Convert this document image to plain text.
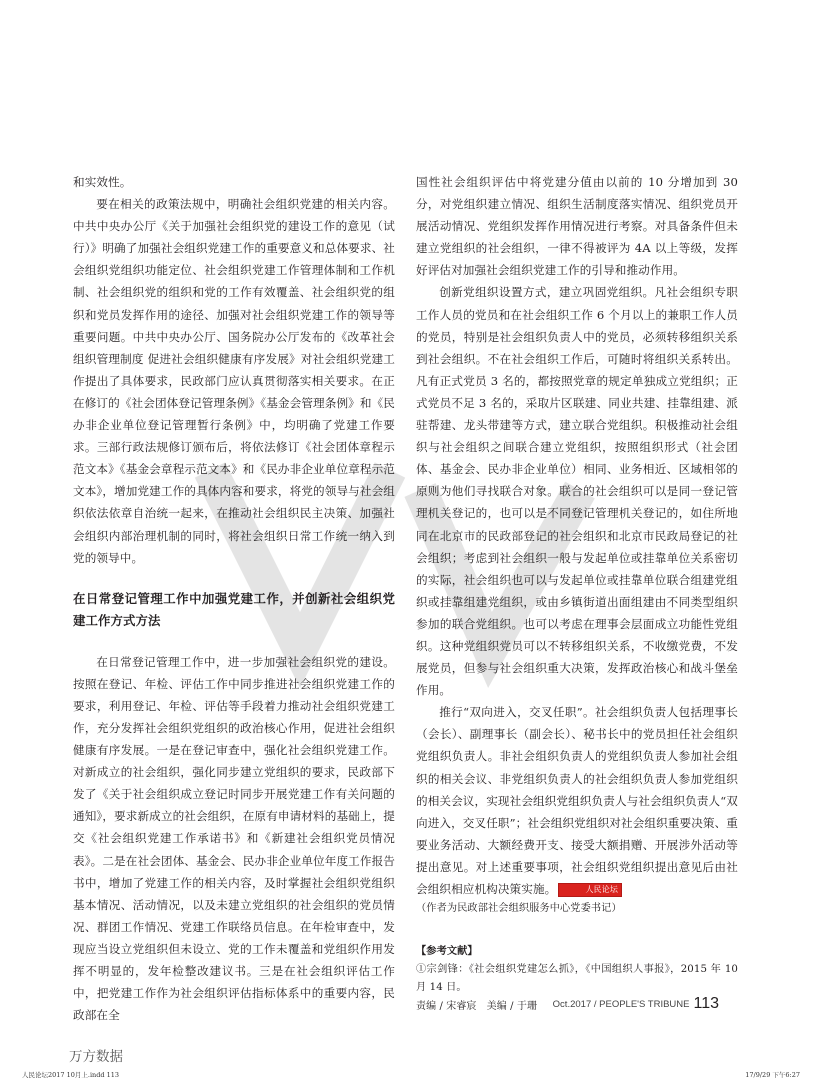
和实效性。

要在相关的政策法规中，明确社会组织党建的相关内容。中共中央办公厅《关于加强社会组织党的建设工作的意见（试行）》明确了加强社会组织党建工作的重要意义和总体要求、社会组织党组织功能定位、社会组织党建工作管理体制和工作机制、社会组织党的组织和党的工作有效覆盖、社会组织党的组织和党员发挥作用的途径、加强对社会组织党建工作的领导等重要问题。中共中央办公厅、国务院办公厅发布的《改革社会组织管理制度 促进社会组织健康有序发展》对社会组织党建工作提出了具体要求，民政部门应认真贯彻落实相关要求。在正在修订的《社会团体登记管理条例》《基金会管理条例》和《民办非企业单位登记管理暂行条例》中，均明确了党建工作要求。三部行政法规修订颁布后，将依法修订《社会团体章程示范文本》《基金会章程示范文本》和《民办非企业单位章程示范文本》，增加党建工作的具体内容和要求，将党的领导与社会组织依法依章自治统一起来，在推动社会组织民主决策、加强社会组织内部治理机制的同时，将社会组织日常工作统一纳入到党的领导中。

在日常登记管理工作中加强党建工作，并创新社会组织党建工作方式方法

在日常登记管理工作中，进一步加强社会组织党的建设。按照在登记、年检、评估工作中同步推进社会组织党建工作的要求，利用登记、年检、评估等手段着力推动社会组织党建工作，充分发挥社会组织党组织的政治核心作用，促进社会组织健康有序发展。一是在登记审查中，强化社会组织党建工作。对新成立的社会组织，强化同步建立党组织的要求，民政部下发了《关于社会组织成立登记时同步开展党建工作有关问题的通知》，要求新成立的社会组织，在原有申请材料的基础上，提交《社会组织党建工作承诺书》和《新建社会组织党员情况表》。二是在社会团体、基金会、民办非企业单位年度工作报告书中，增加了党建工作的相关内容，及时掌握社会组织党组织基本情况、活动情况，以及未建立党组织的社会组织的党员情况、群团工作情况、党建工作联络员信息。在年检审查中，发现应当设立党组织但未设立、党的工作未覆盖和党组织作用发挥不明显的，发年检整改建议书。三是在社会组织评估工作中，把党建工作作为社会组织评估指标体系中的重要内容，民政部在全

国性社会组织评估中将党建分值由以前的 10 分增加到 30 分，对党组织建立情况、组织生活制度落实情况、组织党员开展活动情况、党组织发挥作用情况进行考察。对具备条件但未建立党组织的社会组织，一律不得被评为 4A 以上等级，发挥好评估对加强社会组织党建工作的引导和推动作用。

创新党组织设置方式，建立巩固党组织。凡社会组织专职工作人员的党员和在社会组织工作 6 个月以上的兼职工作人员的党员，特别是社会组织负责人中的党员，必须转移组织关系到社会组织。不在社会组织工作后，可随时将组织关系转出。凡有正式党员 3 名的，都按照党章的规定单独成立党组织；正式党员不足 3 名的，采取片区联建、同业共建、挂靠组建、派驻帮建、龙头带建等方式，建立联合党组织。积极推动社会组织与社会组织之间联合建立党组织，按照组织形式（社会团体、基金会、民办非企业单位）相同、业务相近、区域相邻的原则为他们寻找联合对象。联合的社会组织可以是同一登记管理机关登记的，也可以是不同登记管理机关登记的，如住所地同在北京市的民政部登记的社会组织和北京市民政局登记的社会组织；考虑到社会组织一般与发起单位或挂靠单位关系密切的实际，社会组织也可以与发起单位或挂靠单位联合组建党组织或挂靠组建党组织，或由乡镇街道出面组建由不同类型组织参加的联合党组织。也可以考虑在理事会层面成立功能性党组织。这种党组织党员可以不转移组织关系，不收缴党费，不发展党员，但参与社会组织重大决策，发挥政治核心和战斗堡垒作用。

推行“双向进入，交叉任职”。社会组织负责人包括理事长（会长）、副理事长（副会长）、秘书长中的党员担任社会组织党组织负责人。非社会组织负责人的党组织负责人参加社会组织的相关会议、非党组织负责人的社会组织负责人参加党组织的相关会议，实现社会组织党组织负责人与社会组织负责人“双向进入，交叉任职”；社会组织党组织对社会组织重要决策、重要业务活动、大额经费开支、接受大额捐赠、开展涉外活动等提出意见。对上述重要事项，社会组织党组织提出意见后由社会组织相应机构决策实施。	人民论坛

（作者为民政部社会组织服务中心党委书记）

【参考文献】
①宗剑锋：《社会组织党建怎么抓》，《中国组织人事报》，2015 年 10 月 14 日。
责编 / 宋睿宸　美编 / 于珊	Oct.2017 / PEOPLE'S TRIBUNE 113
万方数据
人民论坛2017 10月上.indd 113	17/9/29 下午6:27
